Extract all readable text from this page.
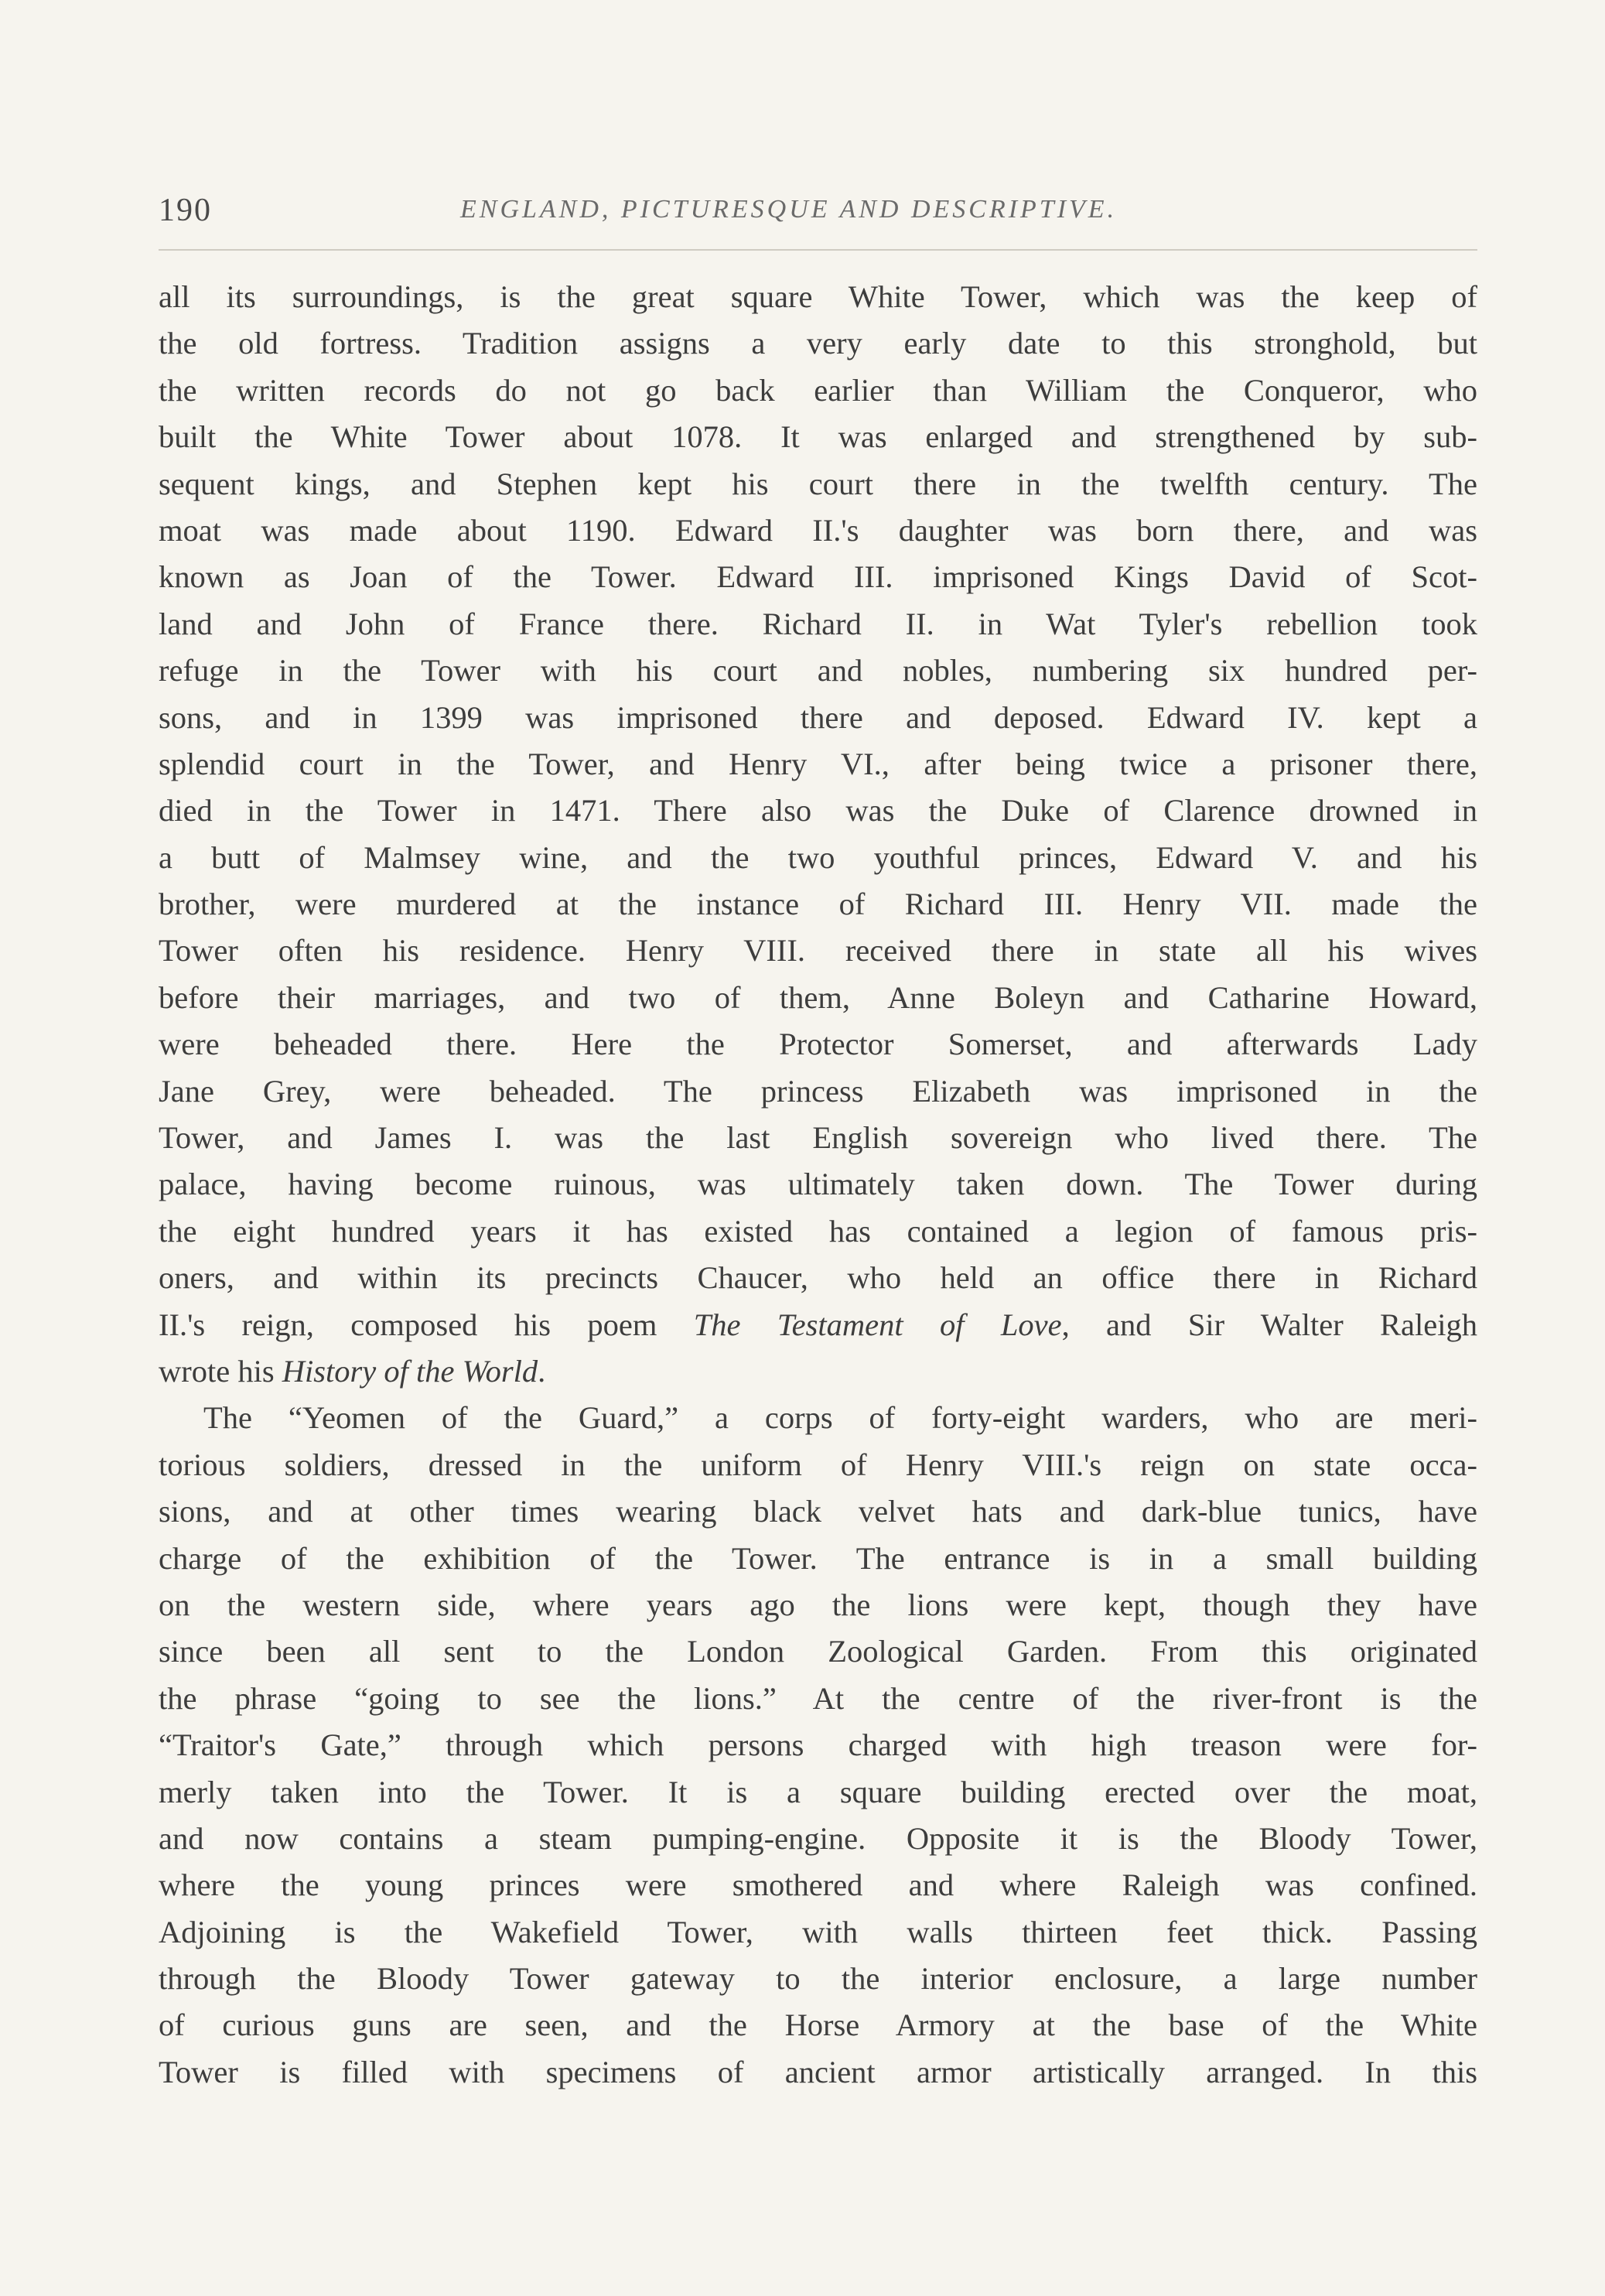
190	ENGLAND, PICTURESQUE AND DESCRIPTIVE.
all its surroundings, is the great square White Tower, which was the keep of
the old fortress. Tradition assigns a very early date to this stronghold, but
the written records do not go back earlier than William the Conqueror, who
built the White Tower about 1078. It was enlarged and strengthened by sub-
sequent kings, and Stephen kept his court there in the twelfth century. The
moat was made about 1190. Edward II.'s daughter was born there, and was
known as Joan of the Tower. Edward III. imprisoned Kings David of Scot-
land and John of France there. Richard II. in Wat Tyler's rebellion took
refuge in the Tower with his court and nobles, numbering six hundred per-
sons, and in 1399 was imprisoned there and deposed. Edward IV. kept a
splendid court in the Tower, and Henry VI., after being twice a prisoner there,
died in the Tower in 1471. There also was the Duke of Clarence drowned in
a butt of Malmsey wine, and the two youthful princes, Edward V. and his
brother, were murdered at the instance of Richard III. Henry VII. made the
Tower often his residence. Henry VIII. received there in state all his wives
before their marriages, and two of them, Anne Boleyn and Catharine Howard,
were beheaded there. Here the Protector Somerset, and afterwards Lady
Jane Grey, were beheaded. The princess Elizabeth was imprisoned in the
Tower, and James I. was the last English sovereign who lived there. The
palace, having become ruinous, was ultimately taken down. The Tower during
the eight hundred years it has existed has contained a legion of famous pris-
oners, and within its precincts Chaucer, who held an office there in Richard
II.'s reign, composed his poem The Testament of Love, and Sir Walter Raleigh
wrote his History of the World.
The “Yeomen of the Guard,” a corps of forty-eight warders, who are meri-
torious soldiers, dressed in the uniform of Henry VIII.'s reign on state occa-
sions, and at other times wearing black velvet hats and dark-blue tunics, have
charge of the exhibition of the Tower. The entrance is in a small building
on the western side, where years ago the lions were kept, though they have
since been all sent to the London Zoological Garden. From this originated
the phrase “going to see the lions.” At the centre of the river-front is the
“Traitor's Gate,” through which persons charged with high treason were for-
merly taken into the Tower. It is a square building erected over the moat,
and now contains a steam pumping-engine. Opposite it is the Bloody Tower,
where the young princes were smothered and where Raleigh was confined.
Adjoining is the Wakefield Tower, with walls thirteen feet thick. Passing
through the Bloody Tower gateway to the interior enclosure, a large number
of curious guns are seen, and the Horse Armory at the base of the White
Tower is filled with specimens of ancient armor artistically arranged. In this
